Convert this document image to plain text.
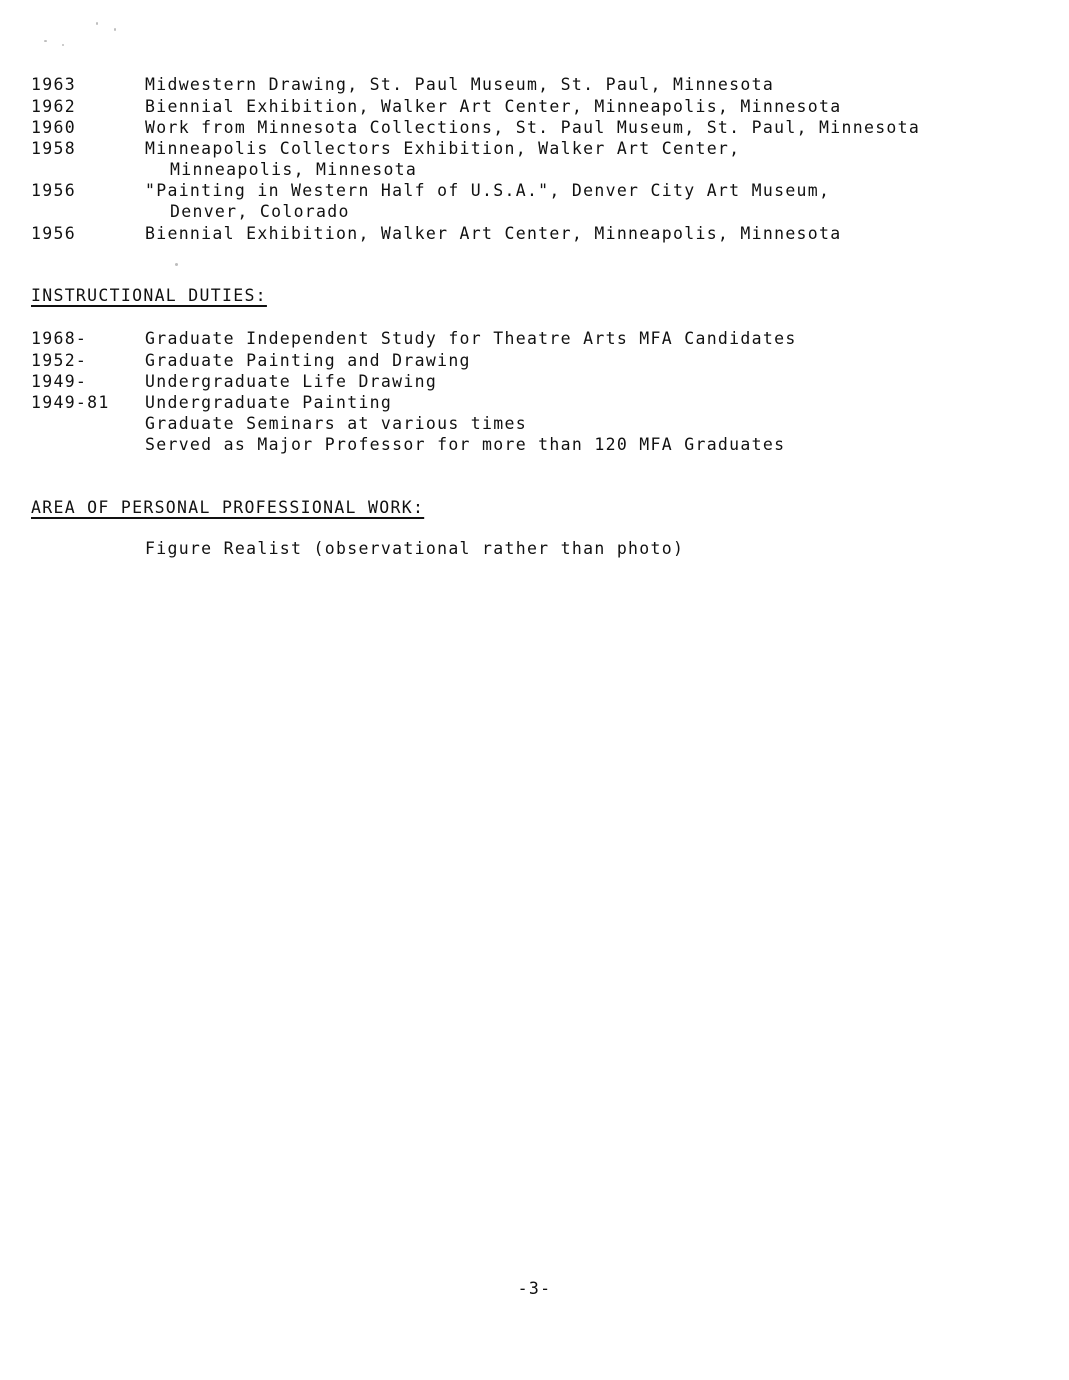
1963	Midwestern Drawing, St. Paul Museum, St. Paul, Minnesota
1962	Biennial Exhibition, Walker Art Center, Minneapolis, Minnesota
1960	Work from Minnesota Collections, St. Paul Museum, St. Paul, Minnesota
1958	Minneapolis Collectors Exhibition, Walker Art Center,
Minneapolis, Minnesota
1956	"Painting in Western Half of U.S.A.", Denver City Art Museum,
Denver, Colorado
1956	Biennial Exhibition, Walker Art Center, Minneapolis, Minnesota
INSTRUCTIONAL DUTIES:
1968-	Graduate Independent Study for Theatre Arts MFA Candidates
1952-	Graduate Painting and Drawing
1949-	Undergraduate Life Drawing
1949-81 Undergraduate Painting
Graduate Seminars at various times
Served as Major Professor for more than 120 MFA Graduates
AREA OF PERSONAL PROFESSIONAL WORK:
Figure Realist (observational rather than photo)
-3-
